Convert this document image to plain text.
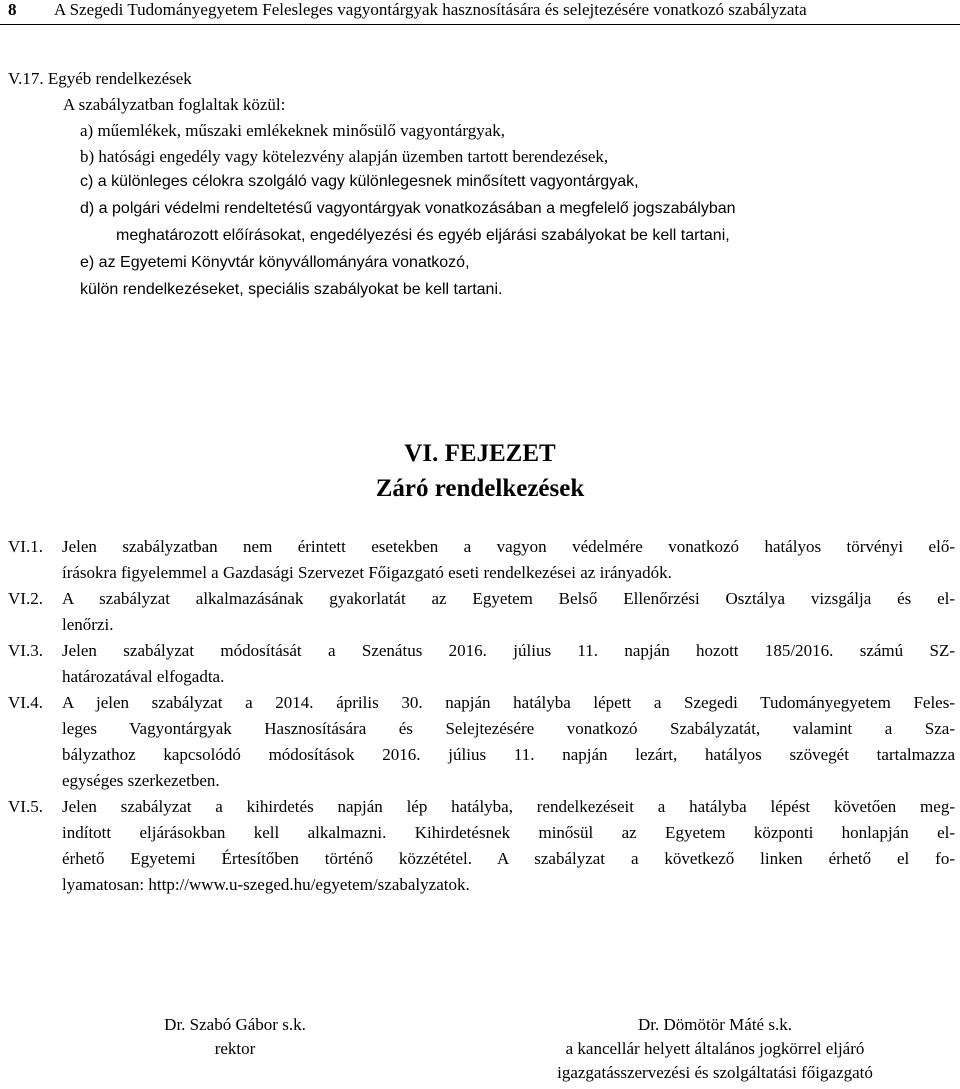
8 A Szegedi Tudományegyetem Felesleges vagyontárgyak hasznosítására és selejtezésére vonatkozó szabályzata
V.17. Egyéb rendelkezések
A szabályzatban foglaltak közül:
a) műemlékek, műszaki emlékeknek minősülő vagyontárgyak,
b) hatósági engedély vagy kötelezvény alapján üzemben tartott berendezések,
c) a különleges célokra szolgáló vagy különlegesnek minősített vagyontárgyak,
d) a polgári védelmi rendeltetésű vagyontárgyak vonatkozásában a megfelelő jogszabályban
meghatározott előírásokat, engedélyezési és egyéb eljárási szabályokat be kell tartani,
e) az Egyetemi Könyvtár könyvállományára vonatkozó,
külön rendelkezéseket, speciális szabályokat be kell tartani.
VI. FEJEZET
Záró rendelkezések
VI.1. Jelen szabályzatban nem érintett esetekben a vagyon védelmére vonatkozó hatályos törvényi elő-
írásokra figyelemmel a Gazdasági Szervezet Főigazgató eseti rendelkezései az irányadók.
VI.2. A szabályzat alkalmazásának gyakorlatát az Egyetem Belső Ellenőrzési Osztálya vizsgálja és el-
lenőrzi.
VI.3. Jelen szabályzat módosítását a Szenátus 2016. július 11. napján hozott 185/2016. számú SZ-
határozatával elfogadta.
VI.4. A jelen szabályzat a 2014. április 30. napján hatályba lépett a Szegedi Tudományegyetem Feles-
leges Vagyontárgyak Hasznosítására és Selejtezésére vonatkozó Szabályzatát, valamint a Sza-
bályzathoz kapcsolódó módosítások 2016. július 11. napján lezárt, hatályos szövegét tartalmazza
egységes szerkezetben.
VI.5. Jelen szabályzat a kihirdetés napján lép hatályba, rendelkezéseit a hatályba lépést követően meg-
indított eljárásokban kell alkalmazni. Kihirdetésnek minősül az Egyetem központi honlapján el-
érhető Egyetemi Értesítőben történő közzététel. A szabályzat a következő linken érhető el fo-
lyamatosan: http://www.u-szeged.hu/egyetem/szabalyzatok.
Dr. Szabó Gábor s.k.
rektor
Dr. Dömötör Máté s.k.
a kancellár helyett általános jogkörrel eljáró
igazgatásszervezési és szolgáltatási főigazgató
